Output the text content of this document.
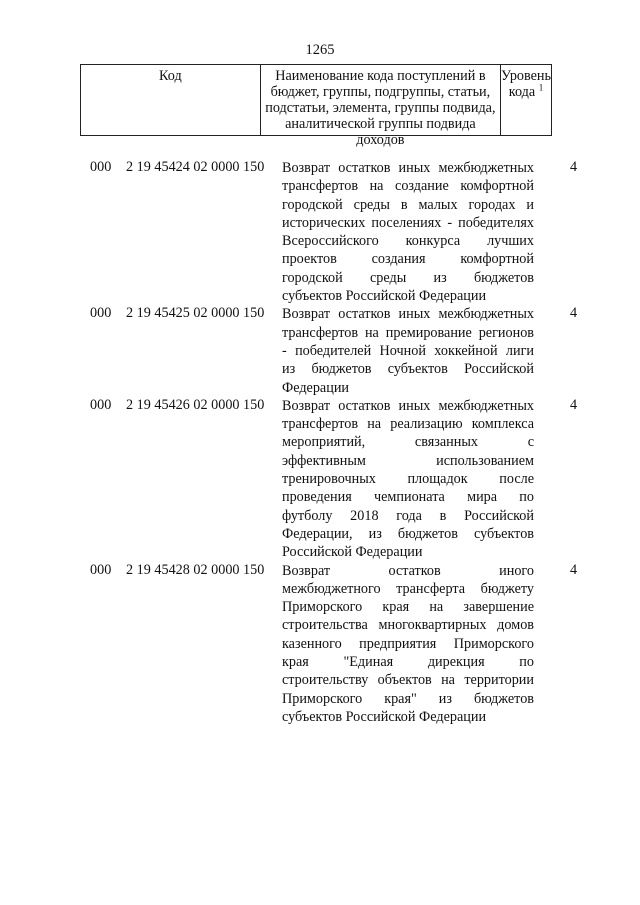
1265
Код	Наименование кода поступлений в
бюджет, группы, подгруппы, статьи,
подстатьи, элемента, группы подвида,
аналитической группы подвида доходов
Уровень
кода $^1$
000 2 19 45424 02 0000 150 Возврат остатков иных межбюджетных
трансфертов на создание комфортной
городской среды в малых городах и
исторических поселениях - победителях
Всероссийского конкурса лучших
проектов создания комфортной
городской среды из бюджетов
субъектов Российской Федерации
4
000 2 19 45425 02 0000 150 Возврат остатков иных межбюджетных
трансфертов на премирование регионов
- победителей Ночной хоккейной лиги
из бюджетов субъектов Российской
Федерации
4
000 2 19 45426 02 0000 150 Возврат остатков иных межбюджетных
трансфертов на реализацию комплекса
мероприятий, связанных с
эффективным использованием
тренировочных площадок после
проведения чемпионата мира по
футболу 2018 года в Российской
Федерации, из бюджетов субъектов
Российской Федерации
4
000 2 19 45428 02 0000 150 Возврат остатков иного
межбюджетного трансферта бюджету
Приморского края на завершение
строительства многоквартирных домов
казенного предприятия Приморского
края "Единая дирекция по
строительству объектов на территории
Приморского края" из бюджетов
субъектов Российской Федерации
4
